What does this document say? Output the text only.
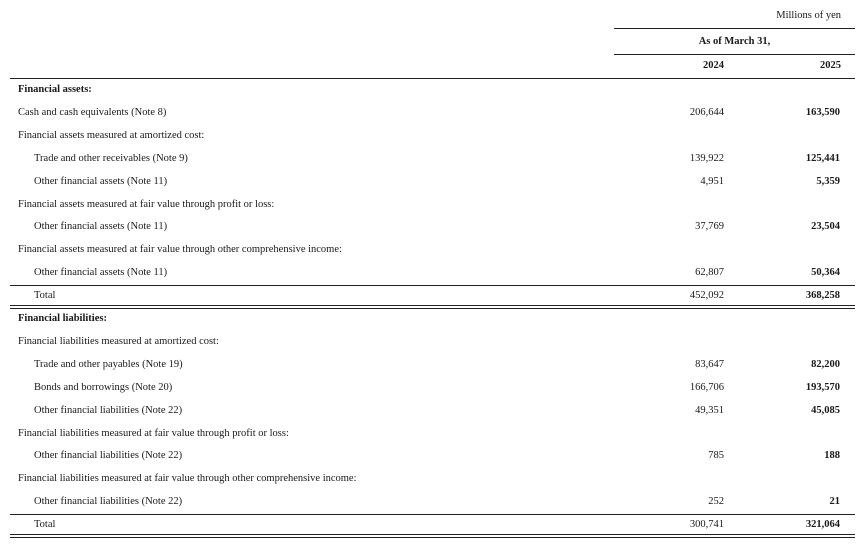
Millions of yen
As of March 31,
2024	2025
Financial assets:
Cash and cash equivalents (Note 8)	206,644	163,590
Financial assets measured at amortized cost:
Trade and other receivables (Note 9)	139,922	125,441
Other financial assets (Note 11)	4,951	5,359
Financial assets measured at fair value through profit or loss:
Other financial assets (Note 11)	37,769	23,504
Financial assets measured at fair value through other comprehensive income:
Other financial assets (Note 11)	62,807	50,364
Total	452,092	368,258
Financial liabilities:
Financial liabilities measured at amortized cost:
Trade and other payables (Note 19)	83,647	82,200
Bonds and borrowings (Note 20)	166,706	193,570
Other financial liabilities (Note 22)	49,351	45,085
Financial liabilities measured at fair value through profit or loss:
Other financial liabilities (Note 22)	785	188
Financial liabilities measured at fair value through other comprehensive income:
Other financial liabilities (Note 22)	252	21
Total	300,741	321,064
